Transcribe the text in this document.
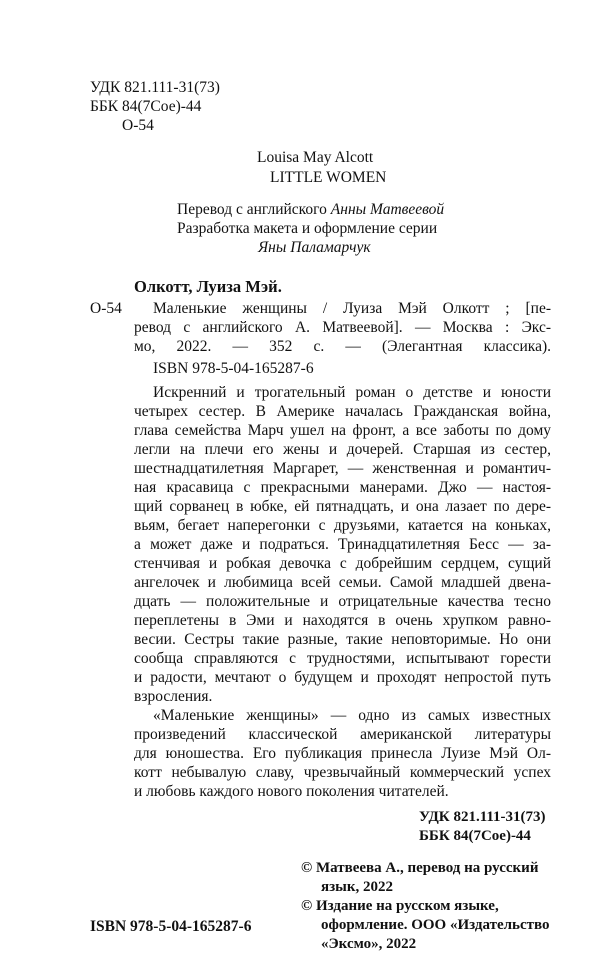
УДК 821.111-31(73)
ББК 84(7Сое)-44
О-54
Louisa May Alcott
LITTLE WOMEN
Перевод с английского Анны Матвеевой
Разработка макета и оформление серии
Яны Паламарчук
Олкотт, Луиза Мэй.
О-54 Маленькие женщины / Луиза Мэй Олкотт ; [пе-
ревод с английского А. Матвеевой]. — Москва : Экс-
мо, 2022. — 352 с. — (Элегантная классика).
ISBN 978-5-04-165287-6
Искренний и трогательный роман о детстве и юности
четырех сестер. В Америке началась Гражданская война,
глава семейства Марч ушел на фронт, а все заботы по дому
легли на плечи его жены и дочерей. Старшая из сестер,
шестнадцатилетняя Маргарет, — женственная и романтич-
ная красавица с прекрасными манерами. Джо — настоя-
щий сорванец в юбке, ей пятнадцать, и она лазает по дере-
вьям, бегает наперегонки с друзьями, катается на коньках,
а может даже и подраться. Тринадцатилетняя Бесс — за-
стенчивая и робкая девочка с добрейшим сердцем, сущий
ангелочек и любимица всей семьи. Самой младшей двена-
дцать — положительные и отрицательные качества тесно
переплетены в Эми и находятся в очень хрупком равно-
весии. Сестры такие разные, такие неповторимые. Но они
сообща справляются с трудностями, испытывают горести
и радости, мечтают о будущем и проходят непростой путь
взросления.
«Маленькие женщины» — одно из самых известных
произведений классической американской литературы
для юношества. Его публикация принесла Луизе Мэй Ол-
котт небывалую славу, чрезвычайный коммерческий успех
и любовь каждого нового поколения читателей.
УДК 821.111-31(73)
ББК 84(7Сое)-44
© Матвеева А., перевод на русский
язык, 2022
© Издание на русском языке,
оформление. ООО «Издательство
«Эксмо», 2022
ISBN 978-5-04-165287-6
